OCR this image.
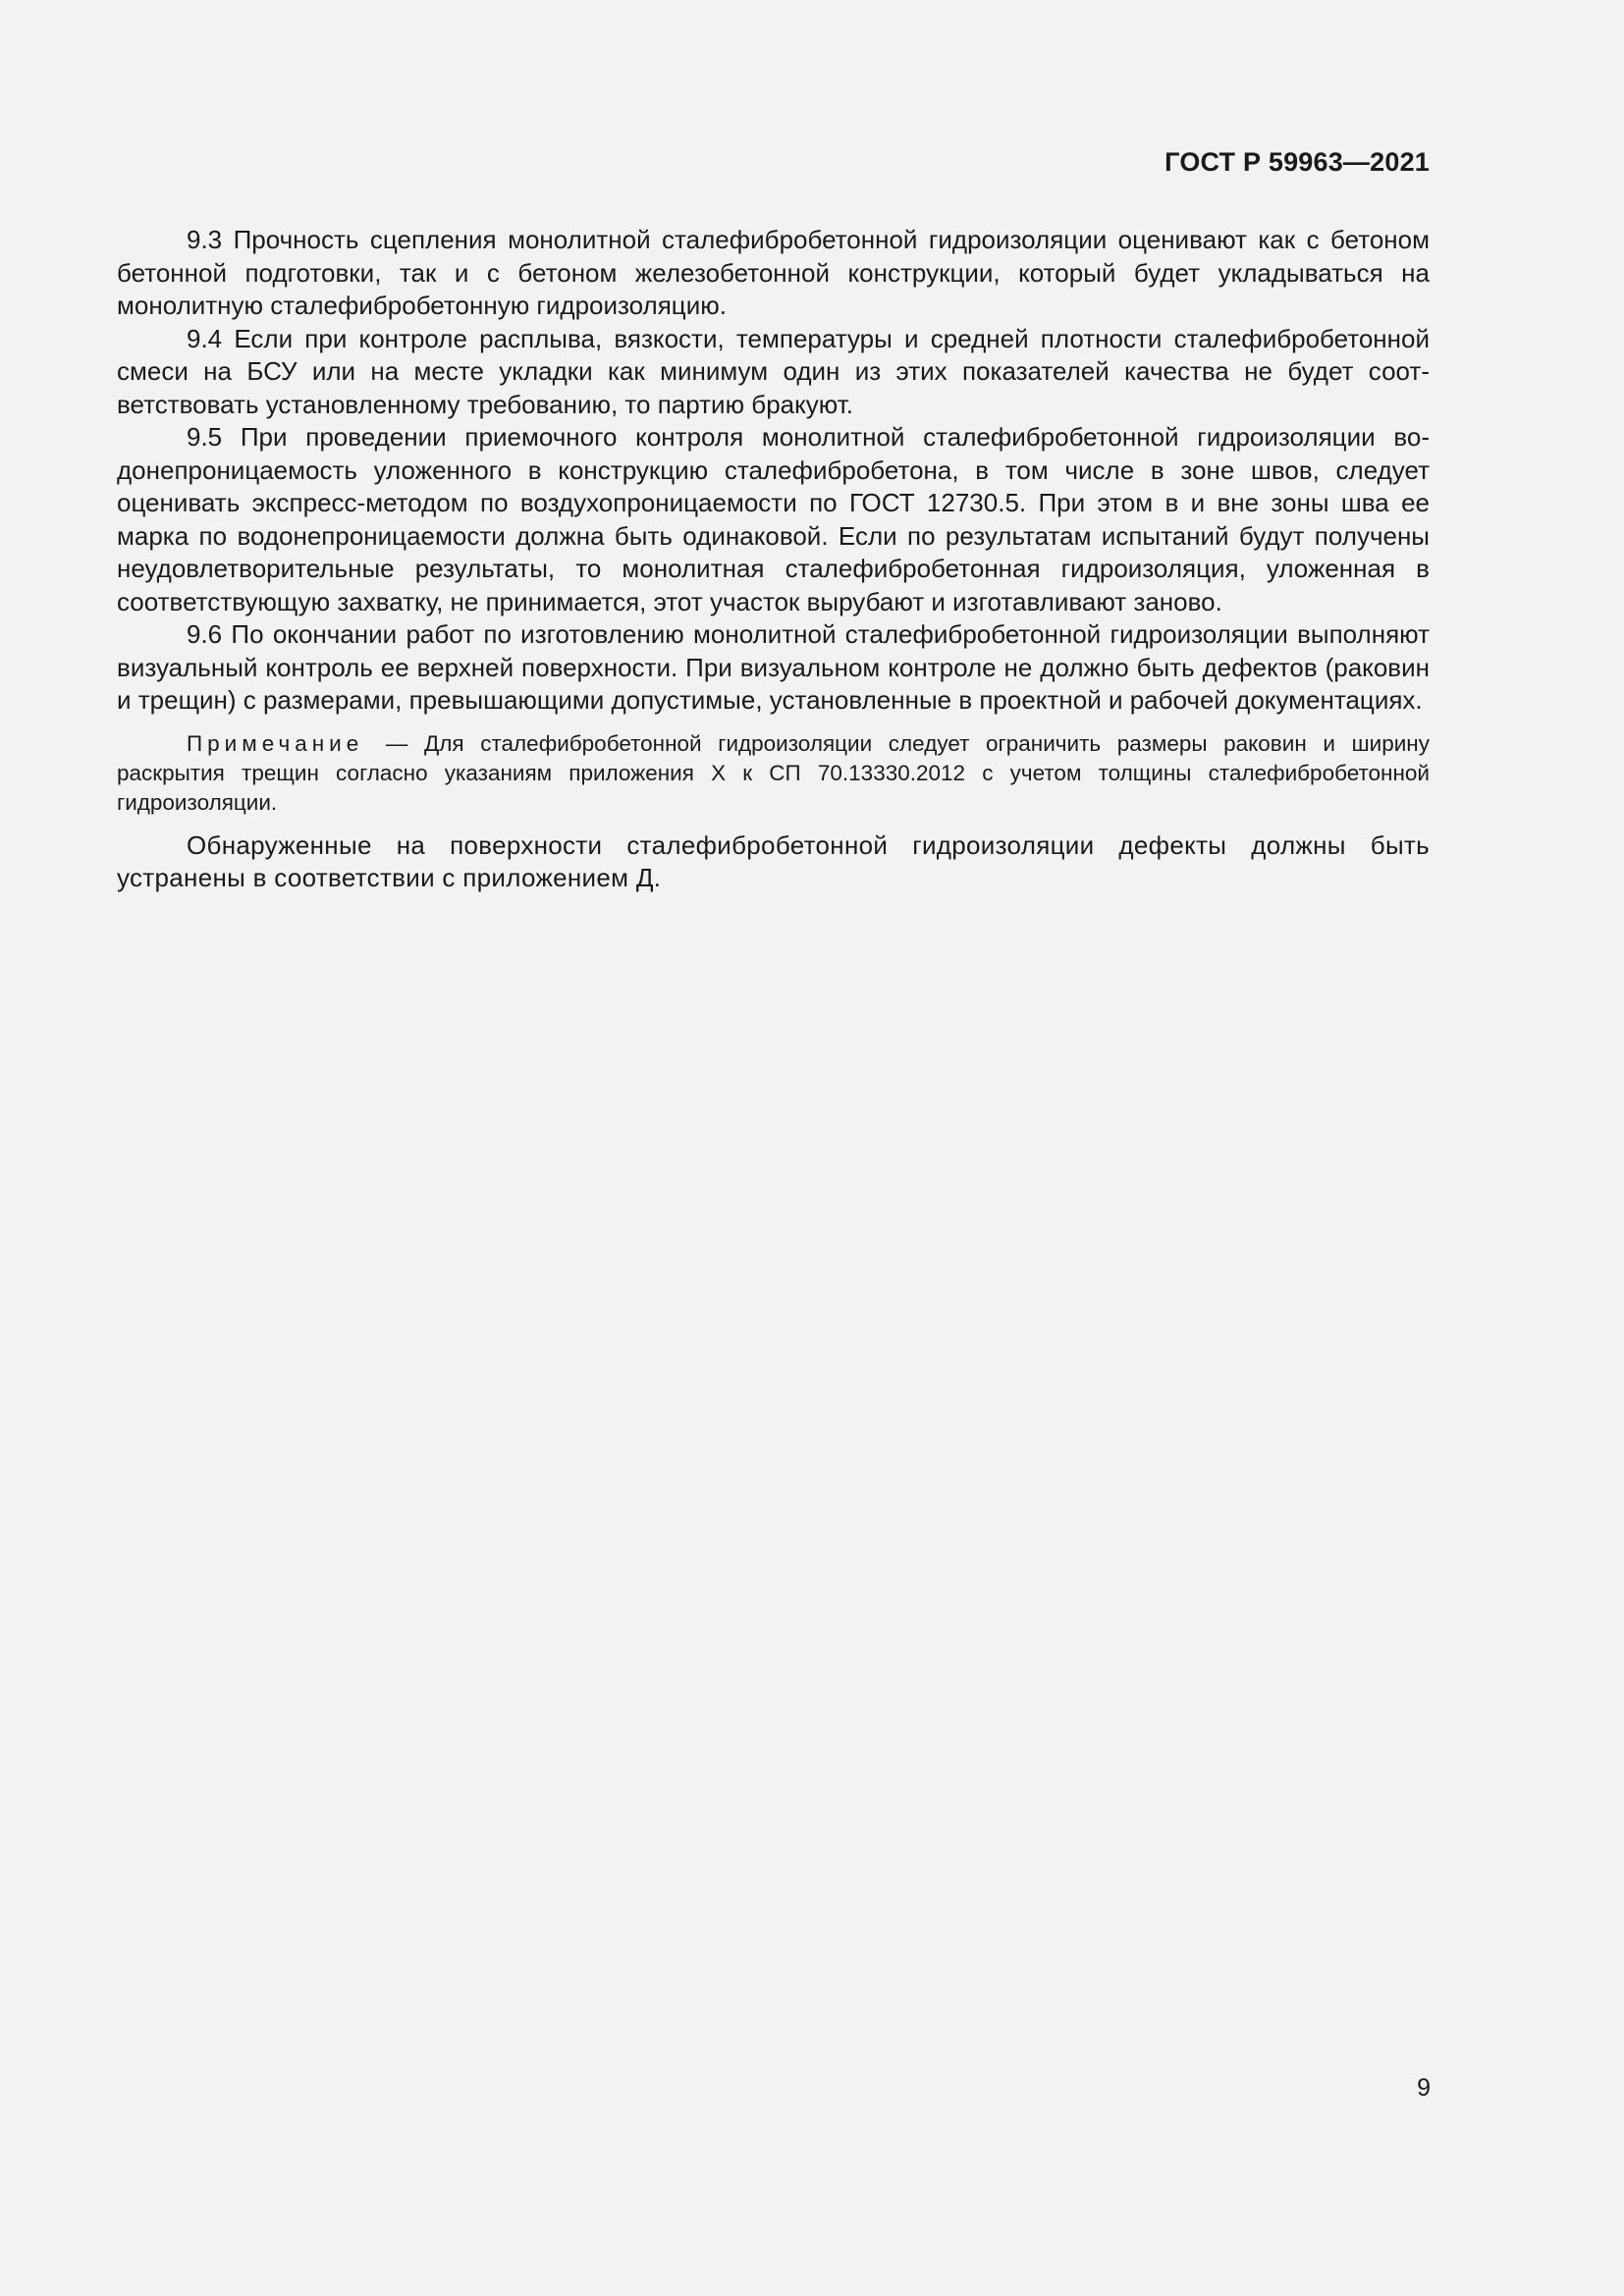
ГОСТ Р 59963—2021

9.3 Прочность сцепления монолитной сталефибробетонной гидроизоляции оценивают как с бетоном бетонной подготовки, так и с бетоном железобетонной конструкции, который будет укладываться на монолитную сталефибробетонную гидроизоляцию.

9.4 Если при контроле расплыва, вязкости, температуры и средней плотности сталефибробетонной смеси на БСУ или на месте укладки как минимум один из этих показателей качества не будет соответствовать установленному требованию, то партию бракуют.

9.5 При проведении приемочного контроля монолитной сталефибробетонной гидроизоляции водонепроницаемость уложенного в конструкцию сталефибробетона, в том числе в зоне швов, следует оценивать экспресс-методом по воздухопроницаемости по ГОСТ 12730.5. При этом в и вне зоны шва ее марка по водонепроницаемости должна быть одинаковой. Если по результатам испытаний будут получены неудовлетворительные результаты, то монолитная сталефибробетонная гидроизоляция, уложенная в соответствующую захватку, не принимается, этот участок вырубают и изготавливают заново.

9.6 По окончании работ по изготовлению монолитной сталефибробетонной гидроизоляции выполняют визуальный контроль ее верхней поверхности. При визуальном контроле не должно быть дефектов (раковин и трещин) с размерами, превышающими допустимые, установленные в проектной и рабочей документациях.

Примечание — Для сталефибробетонной гидроизоляции следует ограничить размеры раковин и ширину раскрытия трещин согласно указаниям приложения Х к СП 70.13330.2012 с учетом толщины сталефибробетонной гидроизоляции.

Обнаруженные на поверхности сталефибробетонной гидроизоляции дефекты должны быть устранены в соответствии с приложением Д.

9
